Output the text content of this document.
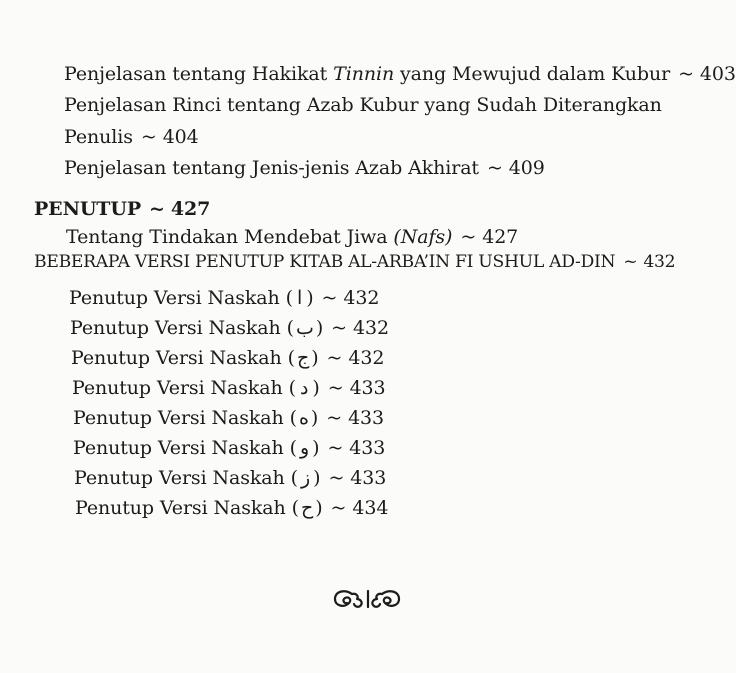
Penjelasan tentang Hakikat Tinnin yang Mewujud dalam Kubur ~ 403
Penjelasan Rinci tentang Azab Kubur yang Sudah Diterangkan
Penulis ~ 404
Penjelasan tentang Jenis-jenis Azab Akhirat ~ 409
PENUTUP ~ 427
Tentang Tindakan Mendebat Jiwa (Nafs) ~ 427
BEBERAPA VERSI PENUTUP KITAB AL-ARBA’IN FI USHUL AD-DIN ~ 432
Penutup Versi Naskah ( ا ) ~ 432
Penutup Versi Naskah ( ب ) ~ 432
Penutup Versi Naskah ( ج ) ~ 432
Penutup Versi Naskah ( د ) ~ 433
Penutup Versi Naskah ( ه ) ~ 433
Penutup Versi Naskah ( و ) ~ 433
Penutup Versi Naskah ( ز ) ~ 433
Penutup Versi Naskah ( ح ) ~ 434
